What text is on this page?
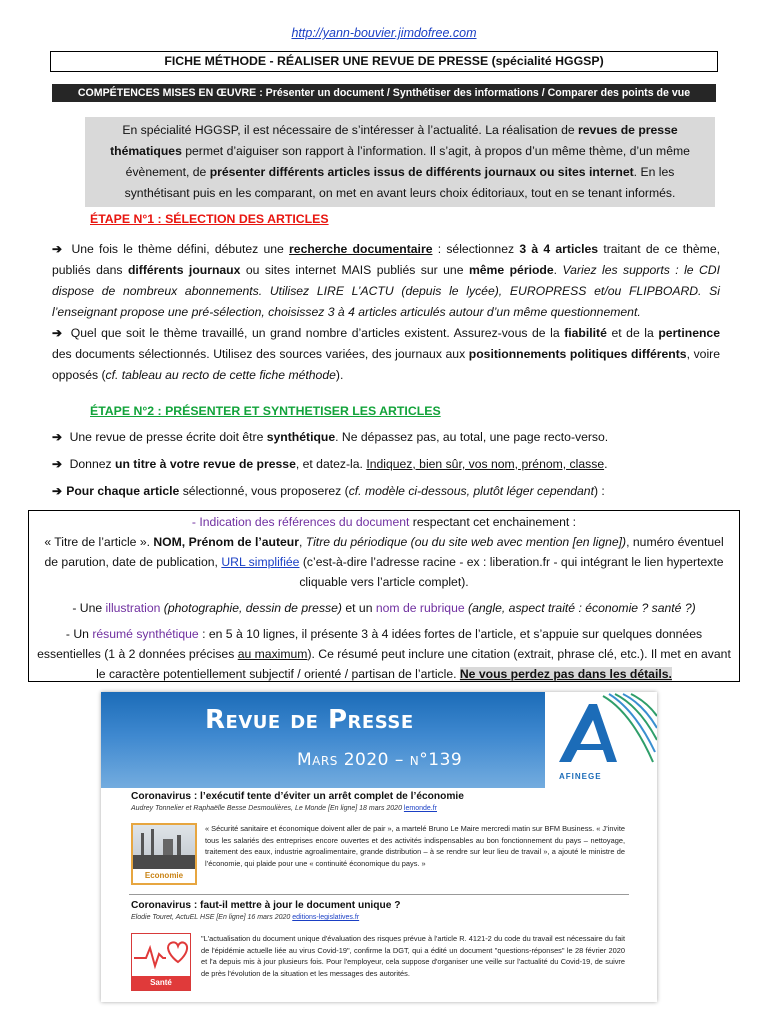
http://yann-bouvier.jimdofree.com
FICHE MÉTHODE - RÉALISER UNE REVUE DE PRESSE (spécialité HGGSP)
COMPÉTENCES MISES EN ŒUVRE : Présenter un document / Synthétiser des informations / Comparer des points de vue
En spécialité HGGSP, il est nécessaire de s’intéresser à l’actualité. La réalisation de revues de presse thématiques permet d’aiguiser son rapport à l’information. Il s’agit, à propos d’un même thème, d’un même évènement, de présenter différents articles issus de différents journaux ou sites internet. En les synthétisant puis en les comparant, on met en avant leurs choix éditoriaux, tout en se tenant informés.
ÉTAPE N°1 : SÉLECTION DES ARTICLES
➔ Une fois le thème défini, débutez une recherche documentaire : sélectionnez 3 à 4 articles traitant de ce thème, publiés dans différents journaux ou sites internet MAIS publiés sur une même période. Variez les supports : le CDI dispose de nombreux abonnements. Utilisez LIRE L’ACTU (depuis le lycée), EUROPRESS et/ou FLIPBOARD. Si l’enseignant propose une pré-sélection, choisissez 3 à 4 articles articulés autour d’un même questionnement.
➔ Quel que soit le thème travaillé, un grand nombre d’articles existent. Assurez-vous de la fiabilité et de la pertinence des documents sélectionnés. Utilisez des sources variées, des journaux aux positionnements politiques différents, voire opposés (cf. tableau au recto de cette fiche méthode).
ÉTAPE N°2 : PRÉSENTER ET SYNTHETISER LES ARTICLES
➔ Une revue de presse écrite doit être synthétique. Ne dépassez pas, au total, une page recto-verso.
➔ Donnez un titre à votre revue de presse, et datez-la. Indiquez, bien sûr, vos nom, prénom, classe.
➔ Pour chaque article sélectionné, vous proposerez (cf. modèle ci-dessous, plutôt léger cependant) :

- Indication des références du document respectant cet enchainement :
« Titre de l’article ». NOM, Prénom de l’auteur, Titre du périodique (ou du site web avec mention [en ligne]), numéro éventuel de parution, date de publication, URL simplifiée (c’est-à-dire l’adresse racine - ex : liberation.fr - qui intégrant le lien hypertexte cliquable vers l’article complet).

- Une illustration (photographie, dessin de presse) et un nom de rubrique (angle, aspect traité : économie ? santé ?)

- Un résumé synthétique : en 5 à 10 lignes, il présente 3 à 4 idées fortes de l’article, et s’appuie sur quelques données essentielles (1 à 2 données précises au maximum). Ce résumé peut inclure une citation (extrait, phrase clé, etc.). Il met en avant le caractère potentiellement subjectif / orienté / partisan de l’article. Ne vous perdez pas dans les détails.

Revue de Presse
Mars 2020 – n°139
AFINEGE
Coronavirus : l’exécutif tente d’éviter un arrêt complet de l’économie
Audrey Tonnelier et Raphaëlle Besse Desmoulières, Le Monde [En ligne] 18 mars 2020 lemonde.fr
Economie
« Sécurité sanitaire et économique doivent aller de pair », a martelé Bruno Le Maire mercredi matin sur BFM Business. « J’invite tous les salariés des entreprises encore ouvertes et des activités indispensables au bon fonctionnement du pays – nettoyage, traitement des eaux, industrie agroalimentaire, grande distribution – à se rendre sur leur lieu de travail », a ajouté le ministre de l’économie, qui plaide pour une « continuité économique du pays. »
Coronavirus : faut-il mettre à jour le document unique ?
Elodie Touret, ActuEL HSE [En ligne] 16 mars 2020 editions-legislatives.fr
Santé
"L'actualisation du document unique d'évaluation des risques prévue à l'article R. 4121-2 du code du travail est nécessaire du fait de l'épidémie actuelle liée au virus Covid-19", confirme la DGT, qui a édité un document "questions-réponses" le 28 février 2020 et l'a depuis mis à jour plusieurs fois. Pour l'employeur, cela suppose d'organiser une veille sur l'actualité du Covid-19, de suivre de près l'évolution de la situation et les messages des autorités.
